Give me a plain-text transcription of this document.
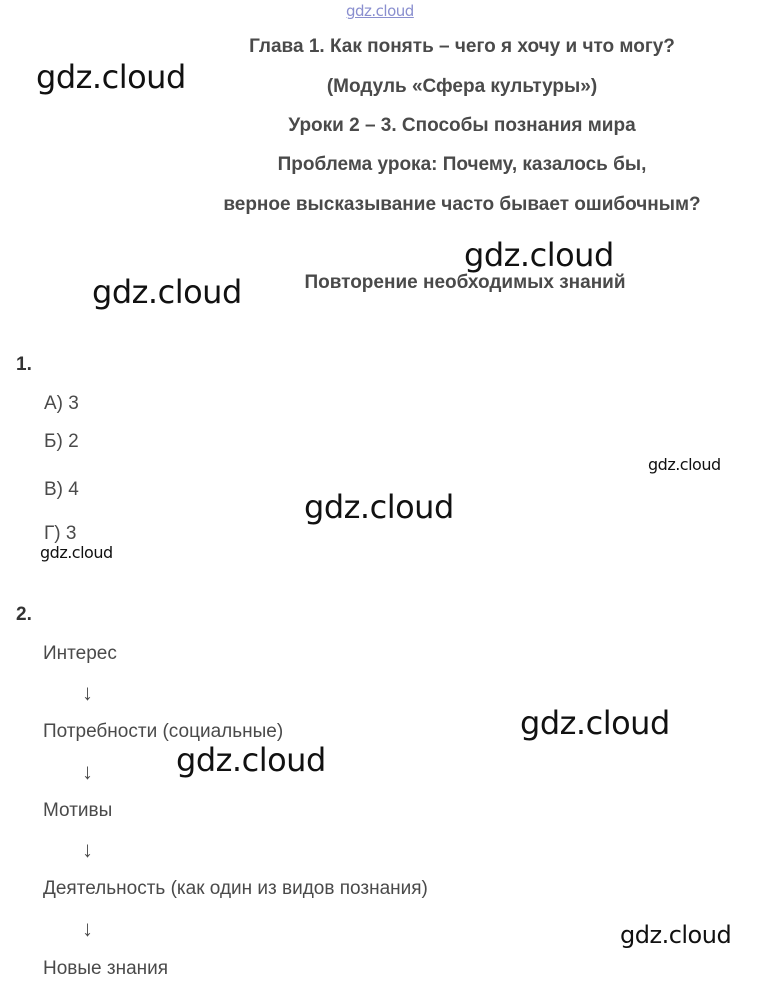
gdz.cloud
gdz.cloud
gdz.cloud
gdz.cloud
gdz.cloud
gdz.cloud
gdz.cloud
gdz.cloud
gdz.cloud
gdz.cloud
Глава 1. Как понять – чего я хочу и что могу?
(Модуль «Сфера культуры»)
Уроки 2 – 3. Способы познания мира
Проблема урока: Почему, казалось бы,
верное высказывание часто бывает ошибочным?
Повторение необходимых знаний
1.
А) 3
Б) 2
В) 4
Г) 3
2.
Интерес
↓
Потребности (социальные)
↓
Мотивы
↓
Деятельность (как один из видов познания)
↓
Новые знания
